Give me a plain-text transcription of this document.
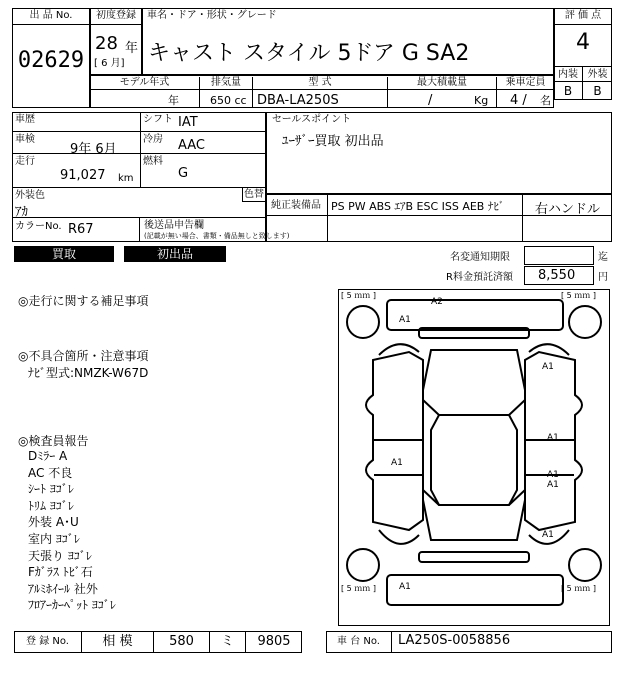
出 品 No.
02629
初度登録
28 年
[ 6 月]
車名・ドア・形状・グレード
キャスト スタイル 5ドア G SA2
評 価 点
4
内装 外装
B	B
モデル年式
年
排気量
650 cc
型 式
DBA-LA250S
最大積載量
/	Kg
乗車定員
4 / 名
車歴	シフト IAT
車検
9年 6月
冷房 AAC
走行
91,027 km
燃料
G
外装色
ｱｶ
色替
カラーNo. R67	後送品申告欄
(記載が無い場合、書類・備品無しと致します)
セールスポイント
ﾕｰｻﾞｰ買取 初出品
純正装備品 PS PW ABS ｴｱB ESC ISS AEB ﾅﾋﾞ 右ハンドル
買取	初出品	名変通知期限	迄
R料金預託済額 8,550 円
◎走行に関する補足事項
◎不具合箇所・注意事項
ﾅﾋﾞ型式:NMZK-W67D
◎検査員報告
Dﾐﾗｰ A
AC 不良
ｼｰﾄ ﾖｺﾞﾚ
ﾄﾘﾑ ﾖｺﾞﾚ
外装 A･U
室内 ﾖｺﾞﾚ
天張り ﾖｺﾞﾚ
Fｶﾞﾗｽ ﾄﾋﾞ石
ｱﾙﾐﾎｲｰﾙ 社外
ﾌﾛｱｰｶｰﾍﾟｯﾄ ﾖｺﾞﾚ
[ 5 ｍｍ ]	[ 5 ｍｍ ]
[ 5 ｍｍ ]	[ 5 ｍｍ ]
A2
A1
A1
A1
A1
A1
A1
A1
A1
登 録 No.	相 模	580	ミ	9805	車 台 No.	LA250S-0058856
